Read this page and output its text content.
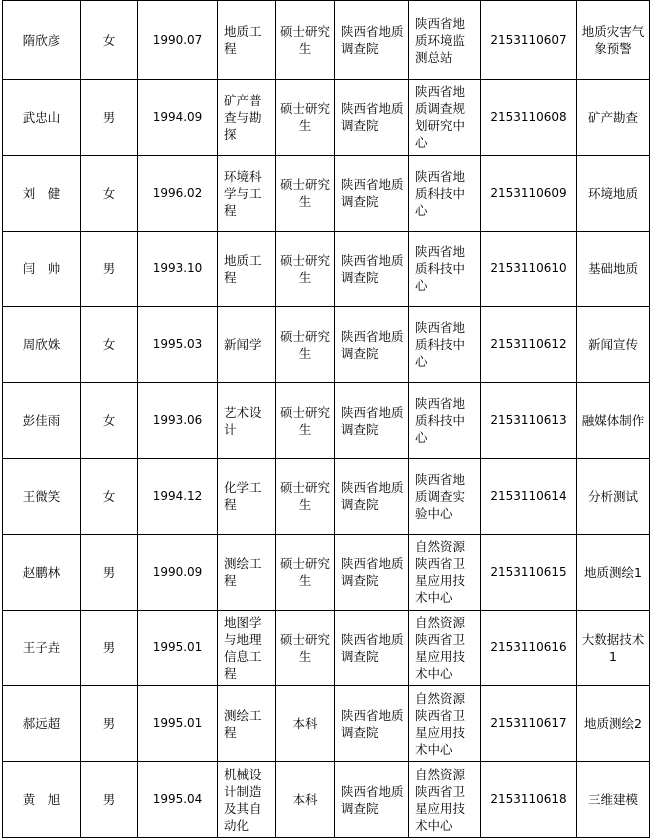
隋欣彦	女	1990.07	地质工程	硕士研究生	陕西省地质调查院	陕西省地质环境监测总站	2153110607	地质灾害气象预警
武忠山	男	1994.09	矿产普查与勘探	硕士研究生	陕西省地质调查院	陕西省地质调查规划研究中心	2153110608	矿产勘查
刘　健	女	1996.02	环境科学与工程	硕士研究生	陕西省地质调查院	陕西省地质科技中心	2153110609	环境地质
闫　帅	男	1993.10	地质工程	硕士研究生	陕西省地质调查院	陕西省地质科技中心	2153110610	基础地质
周欣姝	女	1995.03	新闻学	硕士研究生	陕西省地质调查院	陕西省地质科技中心	2153110612	新闻宣传
彭佳雨	女	1993.06	艺术设计	硕士研究生	陕西省地质调查院	陕西省地质科技中心	2153110613	融媒体制作
王微笑	女	1994.12	化学工程	硕士研究生	陕西省地质调查院	陕西省地质调查实验中心	2153110614	分析测试
赵鹏林	男	1990.09	测绘工程	硕士研究生	陕西省地质调查院	自然资源陕西省卫星应用技术中心	2153110615	地质测绘1
王子垚	男	1995.01	地图学与地理信息工程	硕士研究生	陕西省地质调查院	自然资源陕西省卫星应用技术中心	2153110616	大数据技术1
郝远超	男	1995.01	测绘工程	本科	陕西省地质调查院	自然资源陕西省卫星应用技术中心	2153110617	地质测绘2
黄　旭	男	1995.04	机械设计制造及其自动化	本科	陕西省地质调查院	自然资源陕西省卫星应用技术中心	2153110618	三维建模
